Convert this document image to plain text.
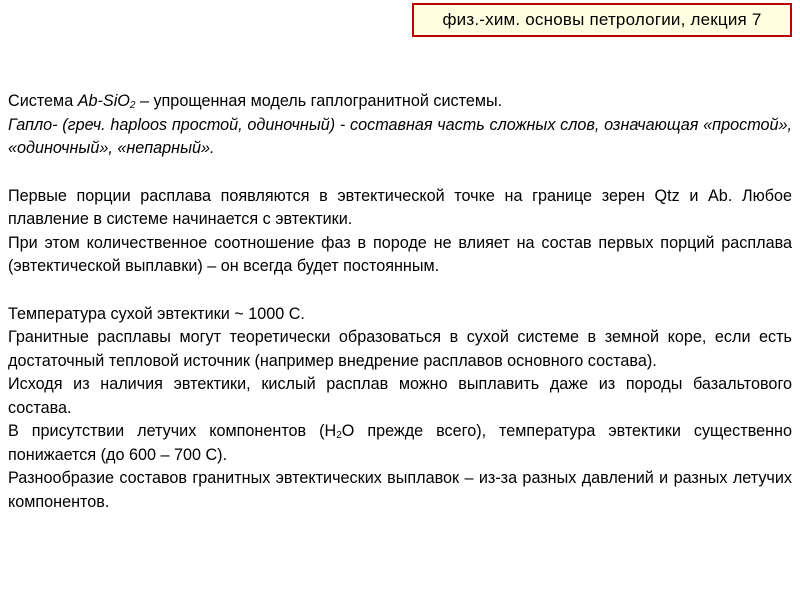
физ.-хим. основы петрологии, лекция 7

Система Ab-SiO$_2$ – упрощенная модель гаплогранитной системы.

Гапло- (греч. haploos простой, одиночный) - составная часть сложных слов, означающая «простой», «одиночный», «непарный».

Первые порции расплава появляются в эвтектической точке на границе зерен Qtz и Ab. Любое плавление в системе начинается с эвтектики.

При этом количественное соотношение фаз в породе не влияет на состав первых порций расплава (эвтектической выплавки) – он всегда будет постоянным.

Температура сухой эвтектики ~ 1000 С.

Гранитные расплавы могут теоретически образоваться в сухой системе в земной коре, если есть достаточный тепловой источник (например внедрение расплавов основного состава).

Исходя из наличия эвтектики, кислый расплав можно выплавить даже из породы базальтового состава.

В присутствии летучих компонентов ($H_2O$ прежде всего), температура эвтектики существенно понижается (до 600 – 700 С).

Разнообразие составов гранитных эвтектических выплавок – из-за разных давлений и разных летучих компонентов.
